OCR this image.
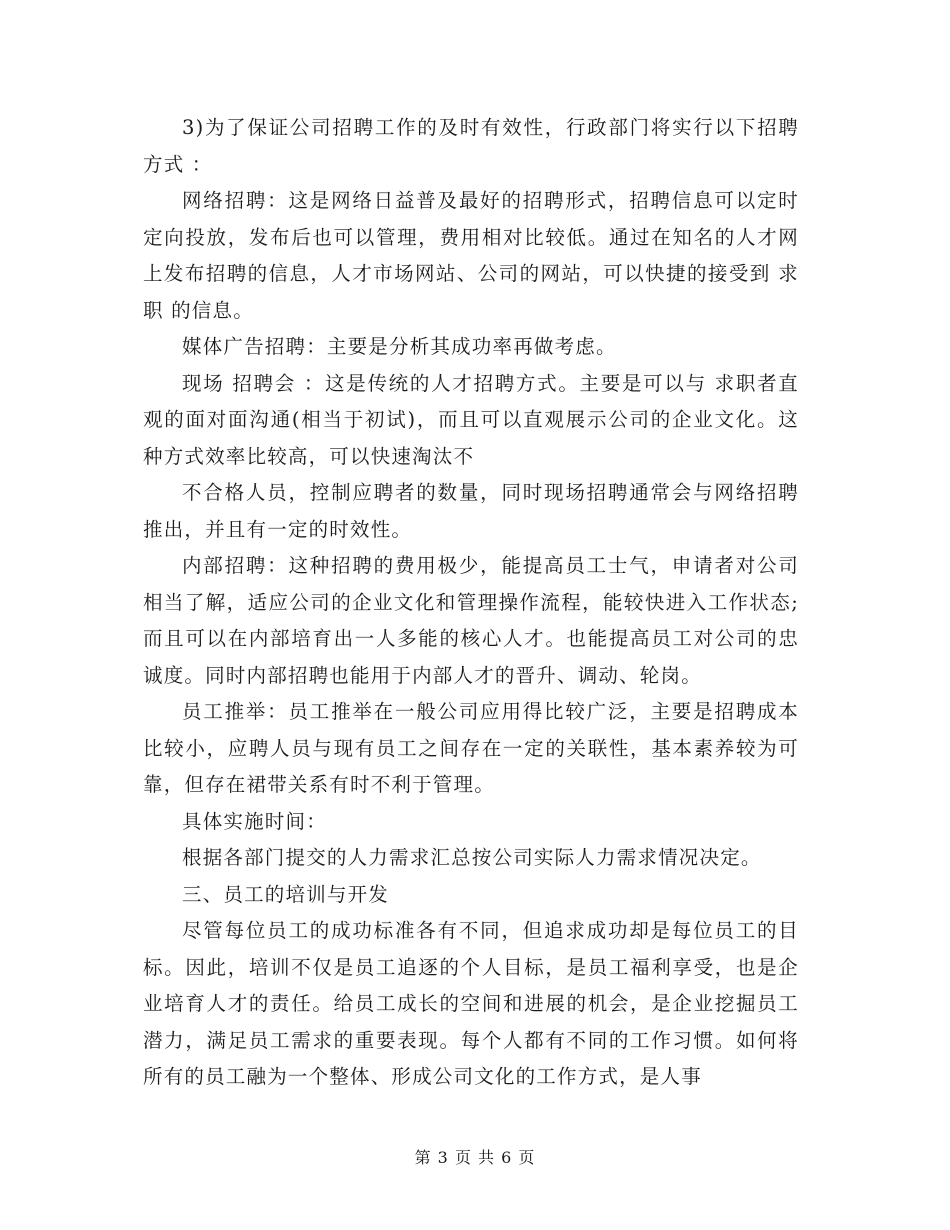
3)为了保证公司招聘工作的及时有效性，行政部门将实行以下招聘方式 ：

网络招聘：这是网络日益普及最好的招聘形式，招聘信息可以定时定向投放，发布后也可以管理，费用相对比较低。通过在知名的人才网上发布招聘的信息，人才市场网站、公司的网站，可以快捷的接受到 求职 的信息。

媒体广告招聘：主要是分析其成功率再做考虑。

现场 招聘会 ：这是传统的人才招聘方式。主要是可以与 求职者直观的面对面沟通(相当于初试)，而且可以直观展示公司的企业文化。这种方式效率比较高，可以快速淘汰不

不合格人员，控制应聘者的数量，同时现场招聘通常会与网络招聘推出，并且有一定的时效性。

内部招聘：这种招聘的费用极少，能提高员工士气，申请者对公司相当了解，适应公司的企业文化和管理操作流程，能较快进入工作状态;而且可以在内部培育出一人多能的核心人才。也能提高员工对公司的忠诚度。同时内部招聘也能用于内部人才的晋升、调动、轮岗。

员工推举：员工推举在一般公司应用得比较广泛，主要是招聘成本比较小，应聘人员与现有员工之间存在一定的关联性，基本素养较为可靠，但存在裙带关系有时不利于管理。

具体实施时间：

根据各部门提交的人力需求汇总按公司实际人力需求情况决定。

三、员工的培训与开发

尽管每位员工的成功标准各有不同，但追求成功却是每位员工的目标。因此，培训不仅是员工追逐的个人目标，是员工福利享受，也是企业培育人才的责任。给员工成长的空间和进展的机会，是企业挖掘员工潜力，满足员工需求的重要表现。每个人都有不同的工作习惯。如何将所有的员工融为一个整体、形成公司文化的工作方式，是人事

第 3 页 共 6 页
